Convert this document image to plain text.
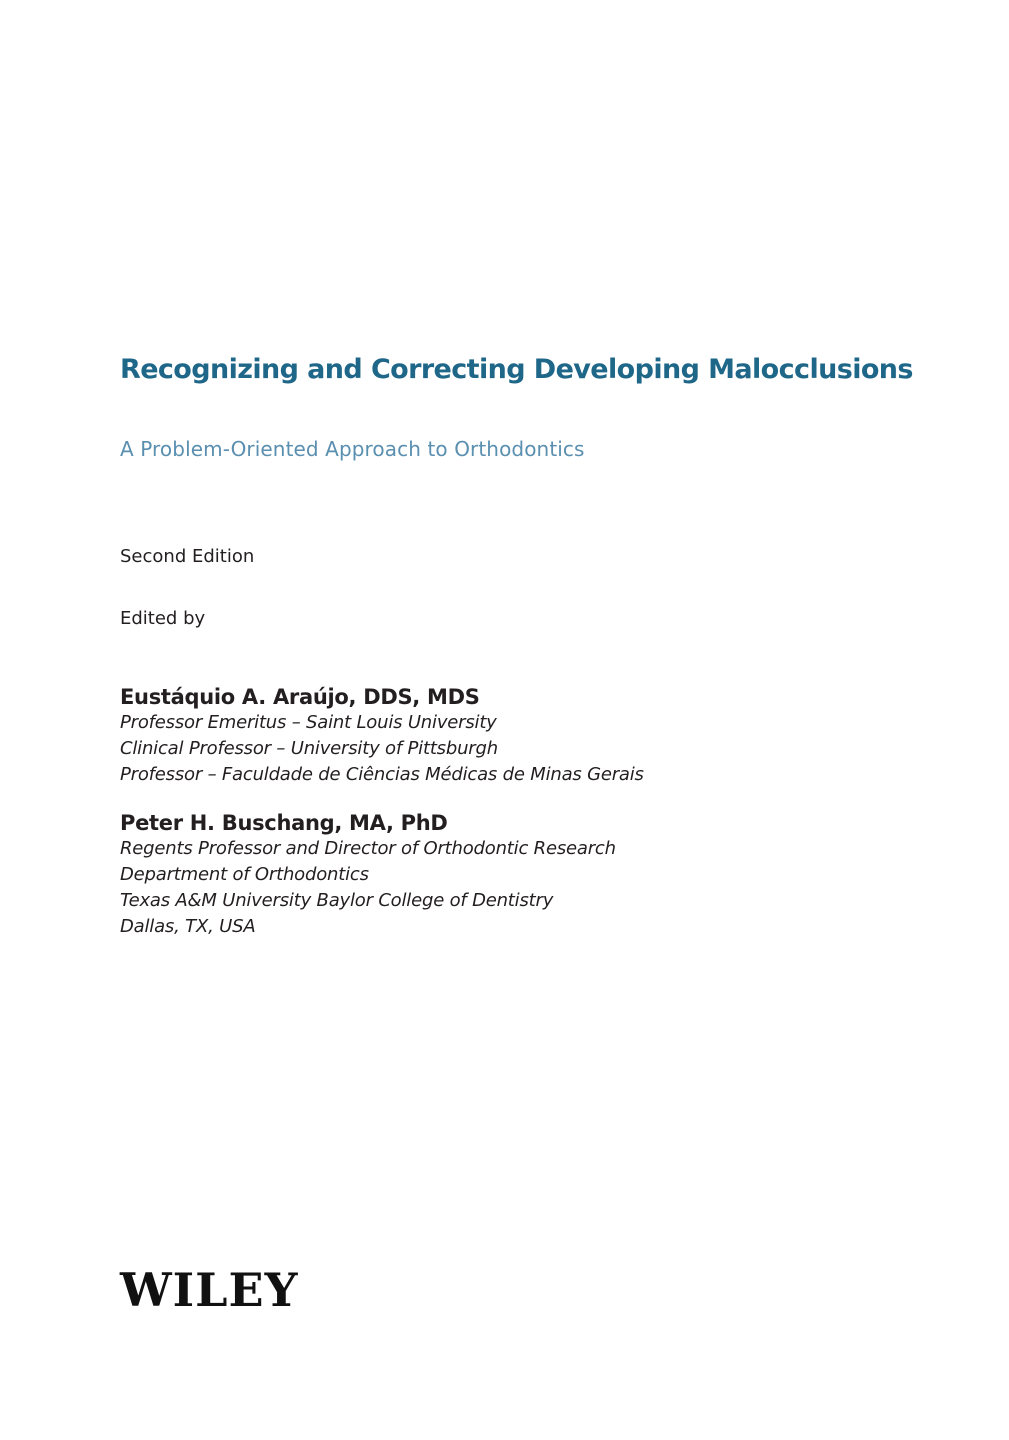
Recognizing and Correcting Developing Malocclusions
A Problem-Oriented Approach to Orthodontics
Second Edition
Edited by
Eustáquio A. Araújo, DDS, MDS
Professor Emeritus – Saint Louis University
Clinical Professor – University of Pittsburgh
Professor – Faculdade de Ciências Médicas de Minas Gerais
Peter H. Buschang, MA, PhD
Regents Professor and Director of Orthodontic Research
Department of Orthodontics
Texas A&M University Baylor College of Dentistry
Dallas, TX, USA
WILEY
